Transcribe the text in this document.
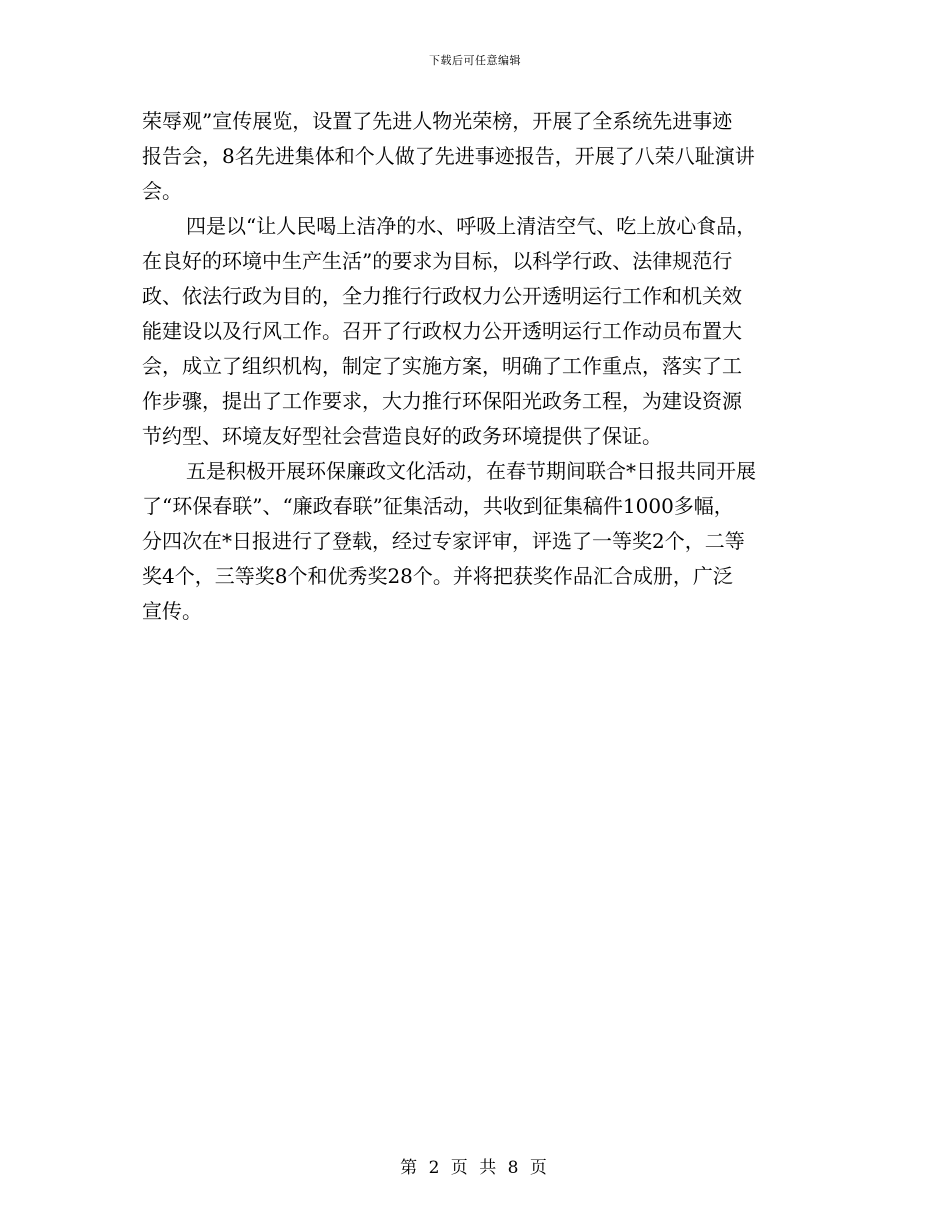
下载后可任意编辑
荣辱观”宣传展览，设置了先进人物光荣榜，开展了全系统先进事迹
报告会，8名先进集体和个人做了先进事迹报告，开展了八荣八耻演讲
会。
四是以“让人民喝上洁净的水、呼吸上清洁空气、吃上放心食品，
在良好的环境中生产生活”的要求为目标，以科学行政、法律规范行
政、依法行政为目的，全力推行行政权力公开透明运行工作和机关效
能建设以及行风工作。召开了行政权力公开透明运行工作动员布置大
会，成立了组织机构，制定了实施方案，明确了工作重点，落实了工
作步骤，提出了工作要求，大力推行环保阳光政务工程，为建设资源
节约型、环境友好型社会营造良好的政务环境提供了保证。
五是积极开展环保廉政文化活动，在春节期间联合*日报共同开展
了“环保春联”、“廉政春联”征集活动，共收到征集稿件1000多幅，
分四次在*日报进行了登载，经过专家评审，评选了一等奖2个，二等
奖4个，三等奖8个和优秀奖28个。并将把获奖作品汇合成册，广泛
宣传。
第 2 页 共 8 页
